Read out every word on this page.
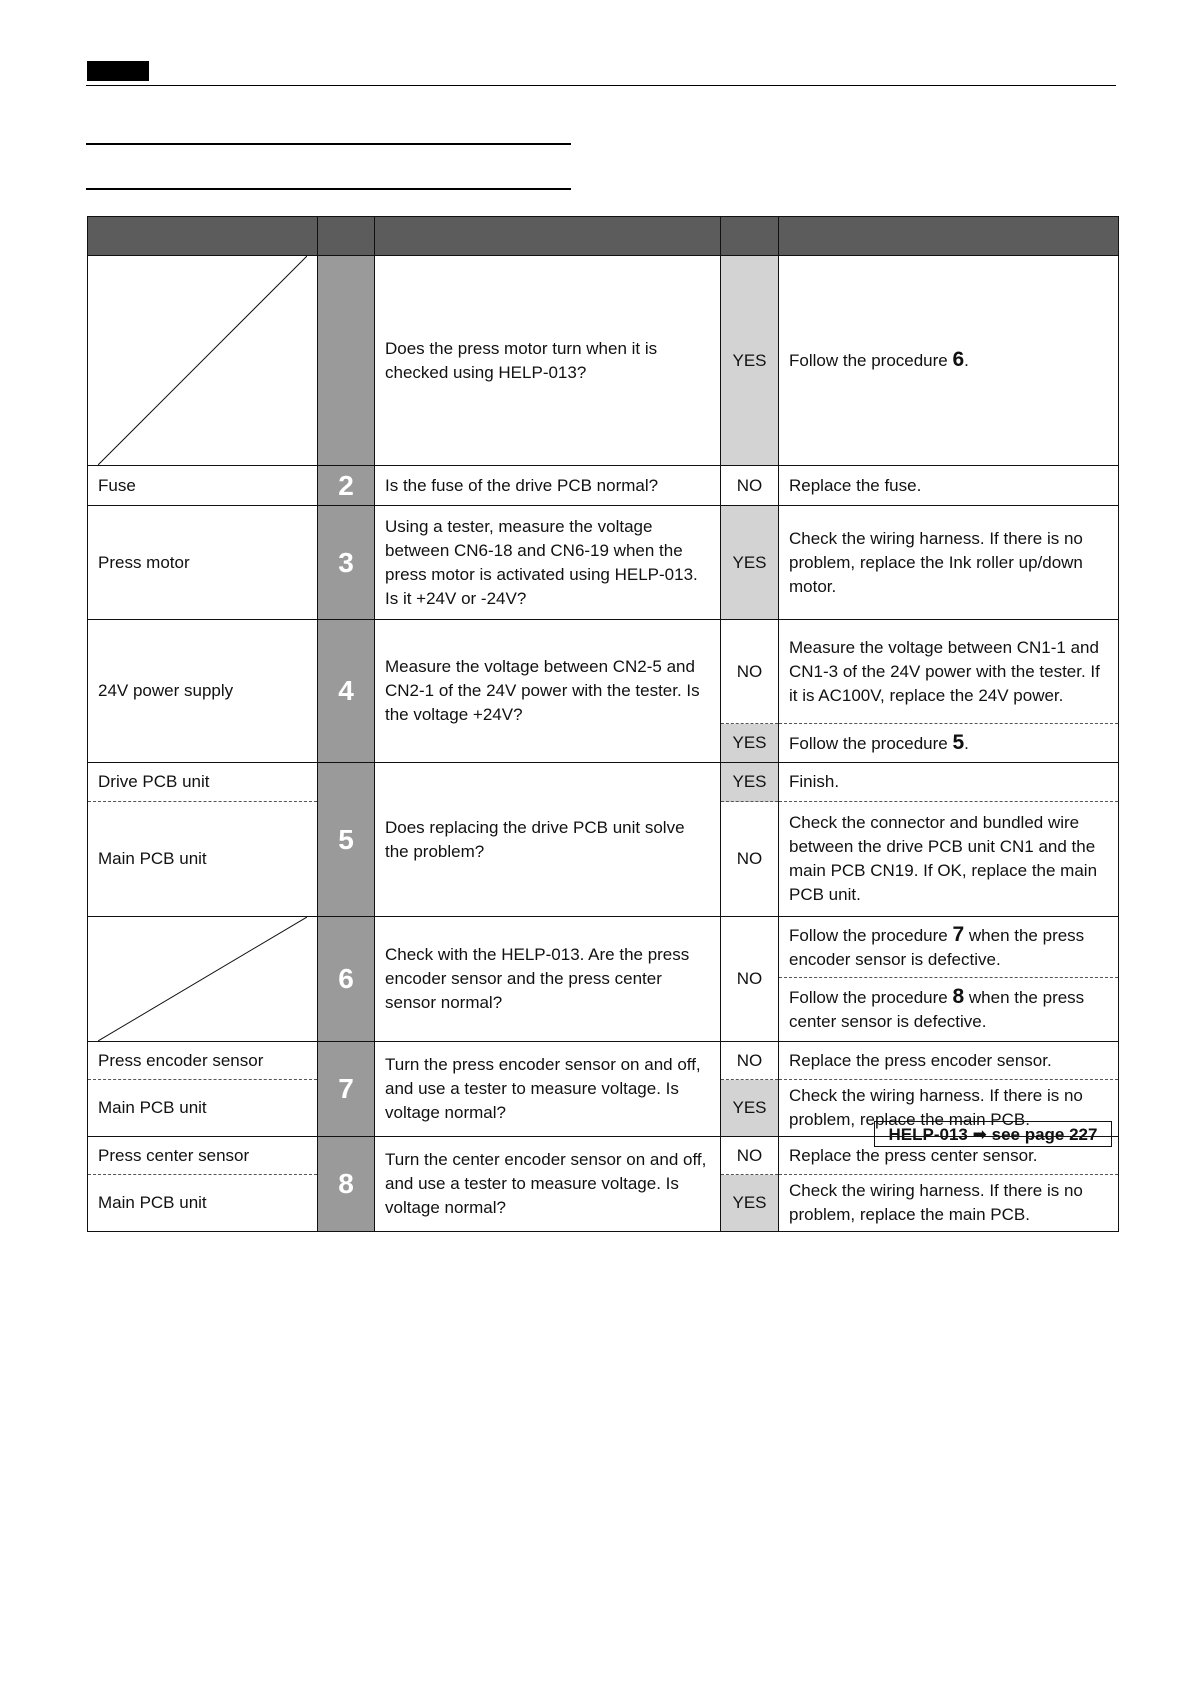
		Does the press motor turn when it is checked using HELP-013?	YES	Follow the procedure 6.
Fuse	2	Is the fuse of the drive PCB normal?	NO	Replace the fuse.
Press motor	3	Using a tester, measure the voltage between CN6-18 and CN6-19 when the press motor is activated using HELP-013. Is it +24V or -24V?	YES	Check the wiring harness. If there is no problem, replace the Ink roller up/down motor.
24V power supply	4	Measure the voltage between CN2-5 and CN2-1 of the 24V power with the tester. Is the voltage +24V?	NO	Measure the voltage between CN1-1 and CN1-3 of the 24V power with the tester. If it is AC100V, replace the 24V power.
			YES	Follow the procedure 5.
Drive PCB unit	5	Does replacing the drive PCB unit solve the problem?	YES	Finish.
Main PCB unit			NO	Check the connector and bundled wire between the drive PCB unit CN1 and the main PCB CN19. If OK, replace the main PCB unit.

	6	Check with the HELP-013. Are the press encoder sensor and the press center sensor normal?	NO	Follow the procedure 7 when the press encoder sensor is defective.
				Follow the procedure 8 when the press center sensor is defective.
Press encoder sensor	7	Turn the press encoder sensor on and off, and use a tester to measure voltage. Is voltage normal?	NO	Replace the press encoder sensor.
Main PCB unit			YES	Check the wiring harness. If there is no problem, replace the main PCB.
Press center sensor	8	Turn the center encoder sensor on and off, and use a tester to measure voltage. Is voltage normal?	NO	Replace the press center sensor.
Main PCB unit			YES	Check the wiring harness. If there is no problem, replace the main PCB.
HELP-013 ➡ see page 227
